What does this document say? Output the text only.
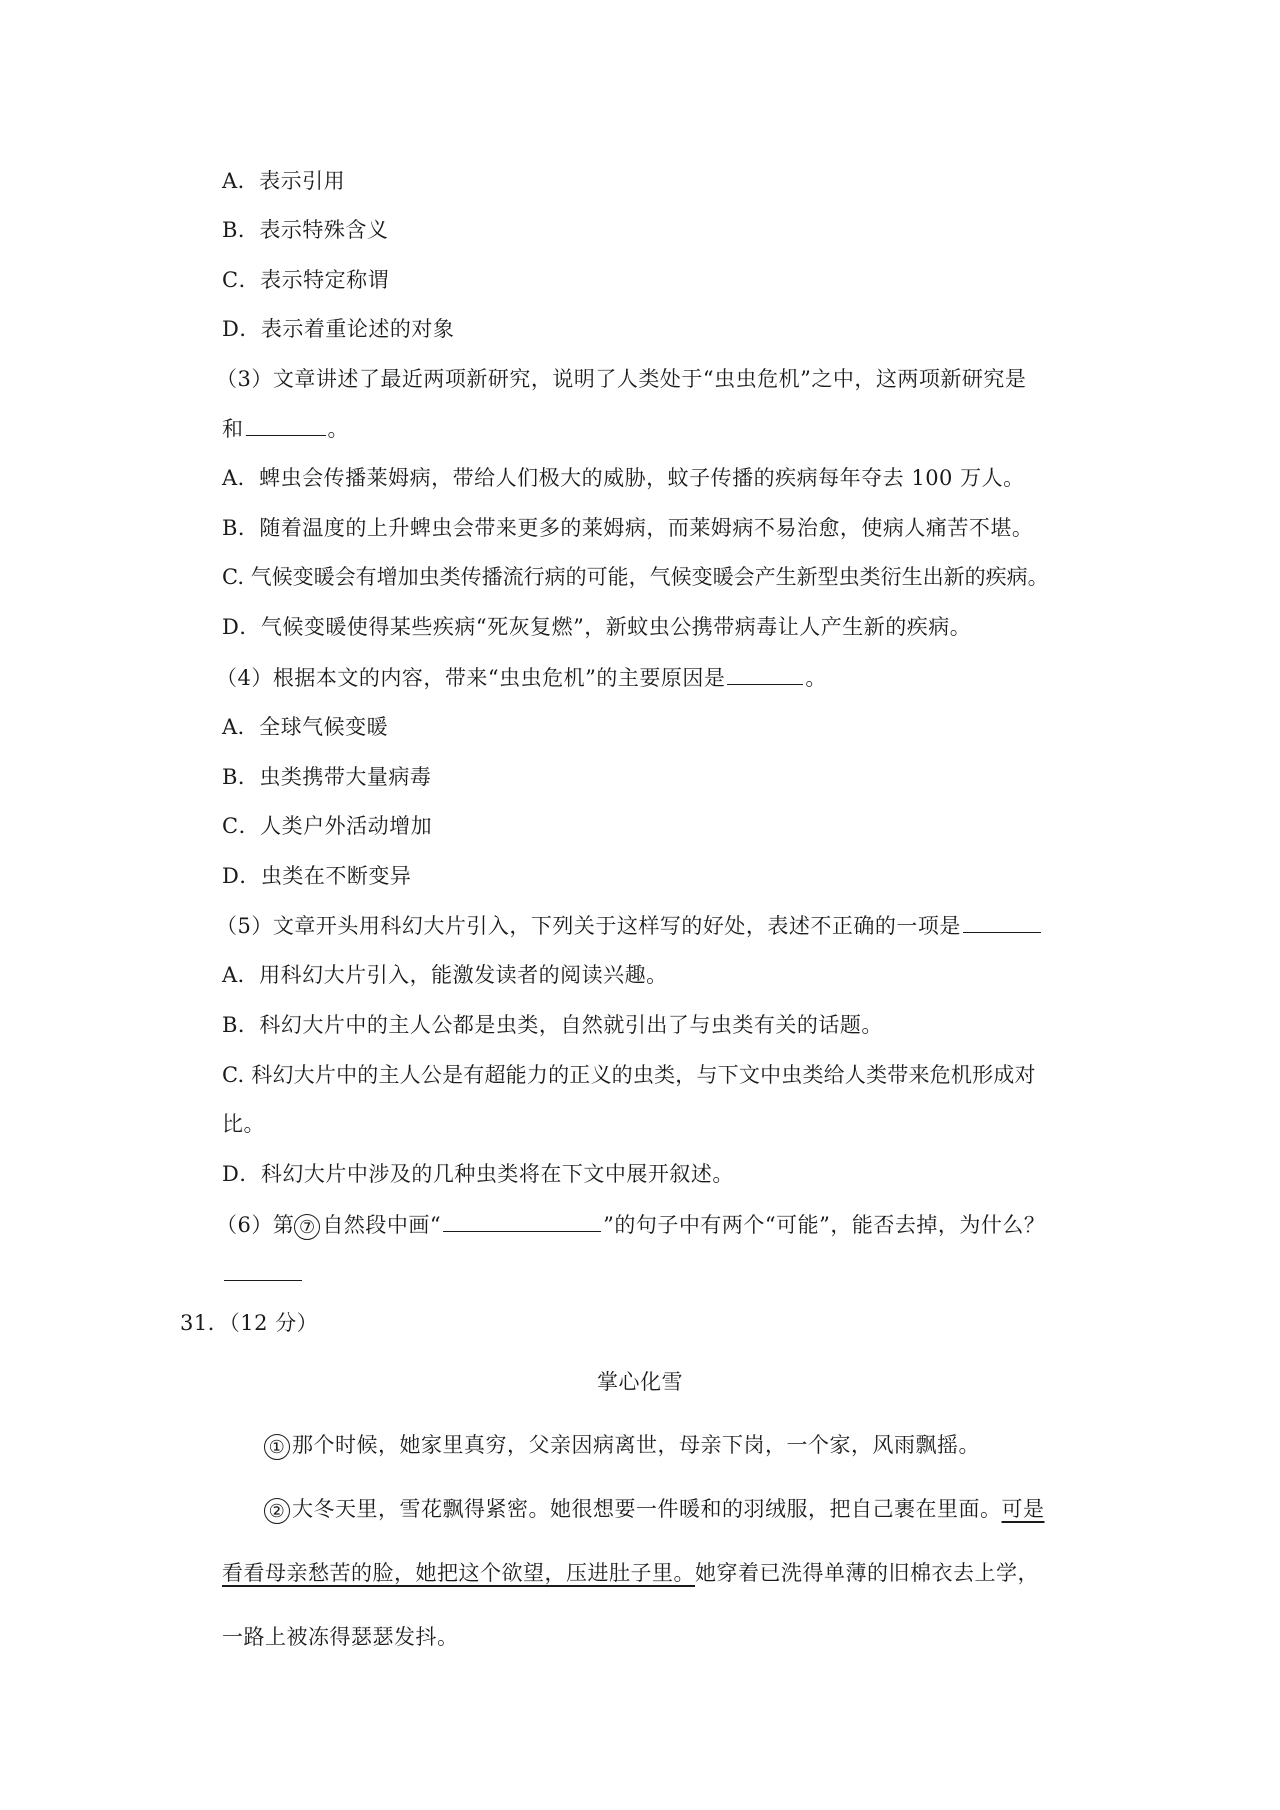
A．表示引用
B．表示特殊含义
C．表示特定称谓
D．表示着重论述的对象
（3）文章讲述了最近两项新研究，说明了人类处于“虫虫危机”之中，这两项新研究是
和	。
A．蜱虫会传播莱姆病，带给人们极大的威胁，蚊子传播的疾病每年夺去 100 万人。
B．随着温度的上升蜱虫会带来更多的莱姆病，而莱姆病不易治愈，使病人痛苦不堪。
C. 气候变暖会有增加虫类传播流行病的可能，气候变暖会产生新型虫类衍生出新的疾病。
D．气候变暖使得某些疾病“死灰复燃”，新蚊虫公携带病毒让人产生新的疾病。
（4）根据本文的内容，带来“虫虫危机”的主要原因是	。
A．全球气候变暖
B．虫类携带大量病毒
C．人类户外活动增加
D．虫类在不断变异
（5）文章开头用科幻大片引入，下列关于这样写的好处，表述不正确的一项是
A．用科幻大片引入，能激发读者的阅读兴趣。
B．科幻大片中的主人公都是虫类，自然就引出了与虫类有关的话题。
C. 科幻大片中的主人公是有超能力的正义的虫类，与下文中虫类给人类带来危机形成对
比。
D．科幻大片中涉及的几种虫类将在下文中展开叙述。
（6）第 ⑦ 自然段中画“	”的句子中有两个“可能”，能否去掉，为什么？
31．（12 分）
掌心化雪
① 那个时候，她家里真穷，父亲因病离世，母亲下岗，一个家，风雨飘摇。
② 大冬天里，雪花飘得紧密。她很想要一件暖和的羽绒服，把自己裹在里面。可是
看看母亲愁苦的脸，她把这个欲望，压进肚子里。她穿着已洗得单薄的旧棉衣去上学，
一路上被冻得瑟瑟发抖。
